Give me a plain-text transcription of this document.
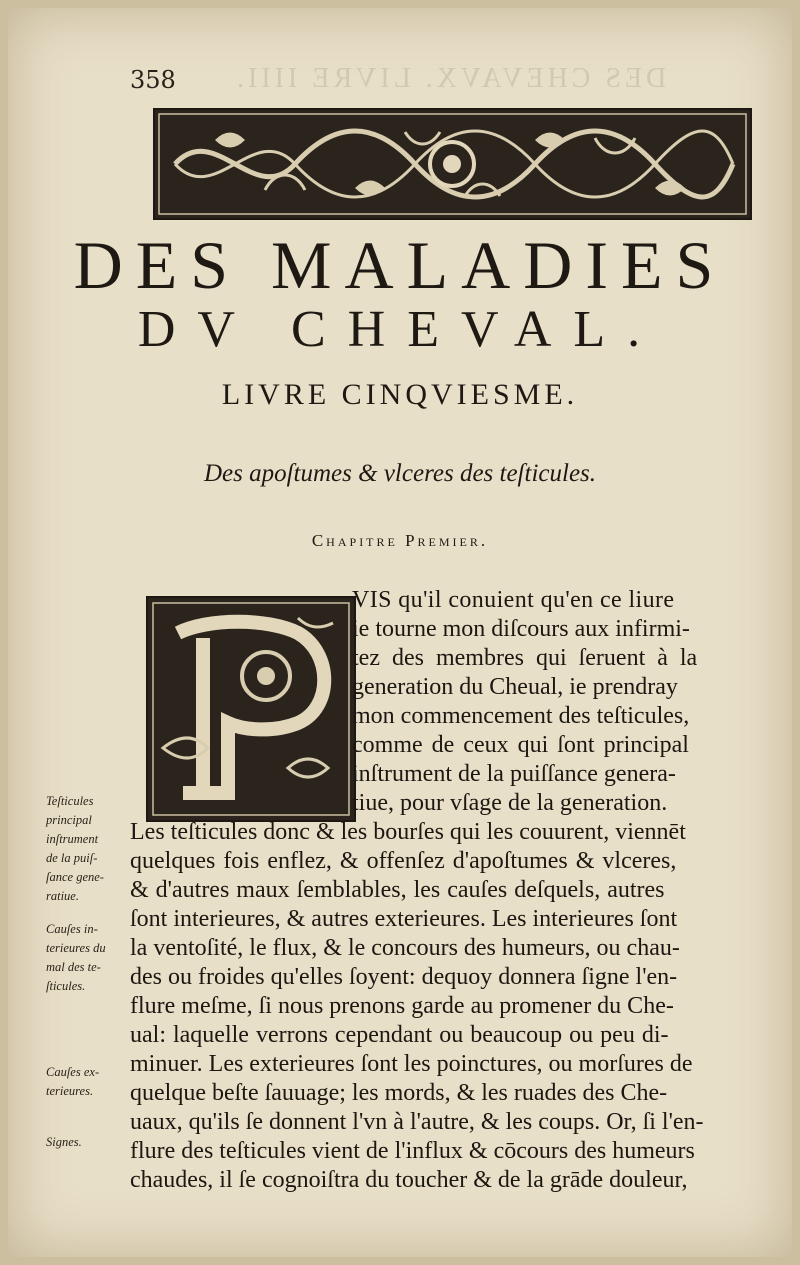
DES CHEVAVX. LIVRE IIII.
358
DES MALADIES
DV CHEVAL.
LIVRE CINQVIESME.
Des apoſtumes & vlceres des teſticules.
Chapitre Premier.
VIS qu'il conuient qu'en ce liure
ie tourne mon diſcours aux infirmi-
tez des membres qui ſeruent à la
generation du Cheual, ie prendray
mon commencement des teſticules,
comme de ceux qui ſont principal
inſtrument de la puiſſance genera-
tiue, pour vſage de la generation.
Les teſticules donc & les bourſes qui les couurent, viennēt
quelques fois enflez, & offenſez d'apoſtumes & vlceres,
& d'autres maux ſemblables, les cauſes deſquels, autres
ſont interieures, & autres exterieures. Les interieures ſont
la ventoſité, le flux, & le concours des humeurs, ou chau-
des ou froides qu'elles ſoyent: dequoy donnera ſigne l'en-
flure meſme, ſi nous prenons garde au promener du Che-
ual: laquelle verrons cependant ou beaucoup ou peu di-
minuer. Les exterieures ſont les poinctures, ou morſures de
quelque beſte ſauuage; les mords, & les ruades des Che-
uaux, qu'ils ſe donnent l'vn à l'autre, & les coups. Or, ſi l'en-
flure des teſticules vient de l'influx & cōcours des humeurs
chaudes, il ſe cognoiſtra du toucher & de la grāde douleur,
Teſticules
principal
inſtrument
de la puiſ-
ſance gene-
ratiue.
Cauſes in-
terieures du
mal des te-
ſticules.
Cauſes ex-
terieures.
Signes.
